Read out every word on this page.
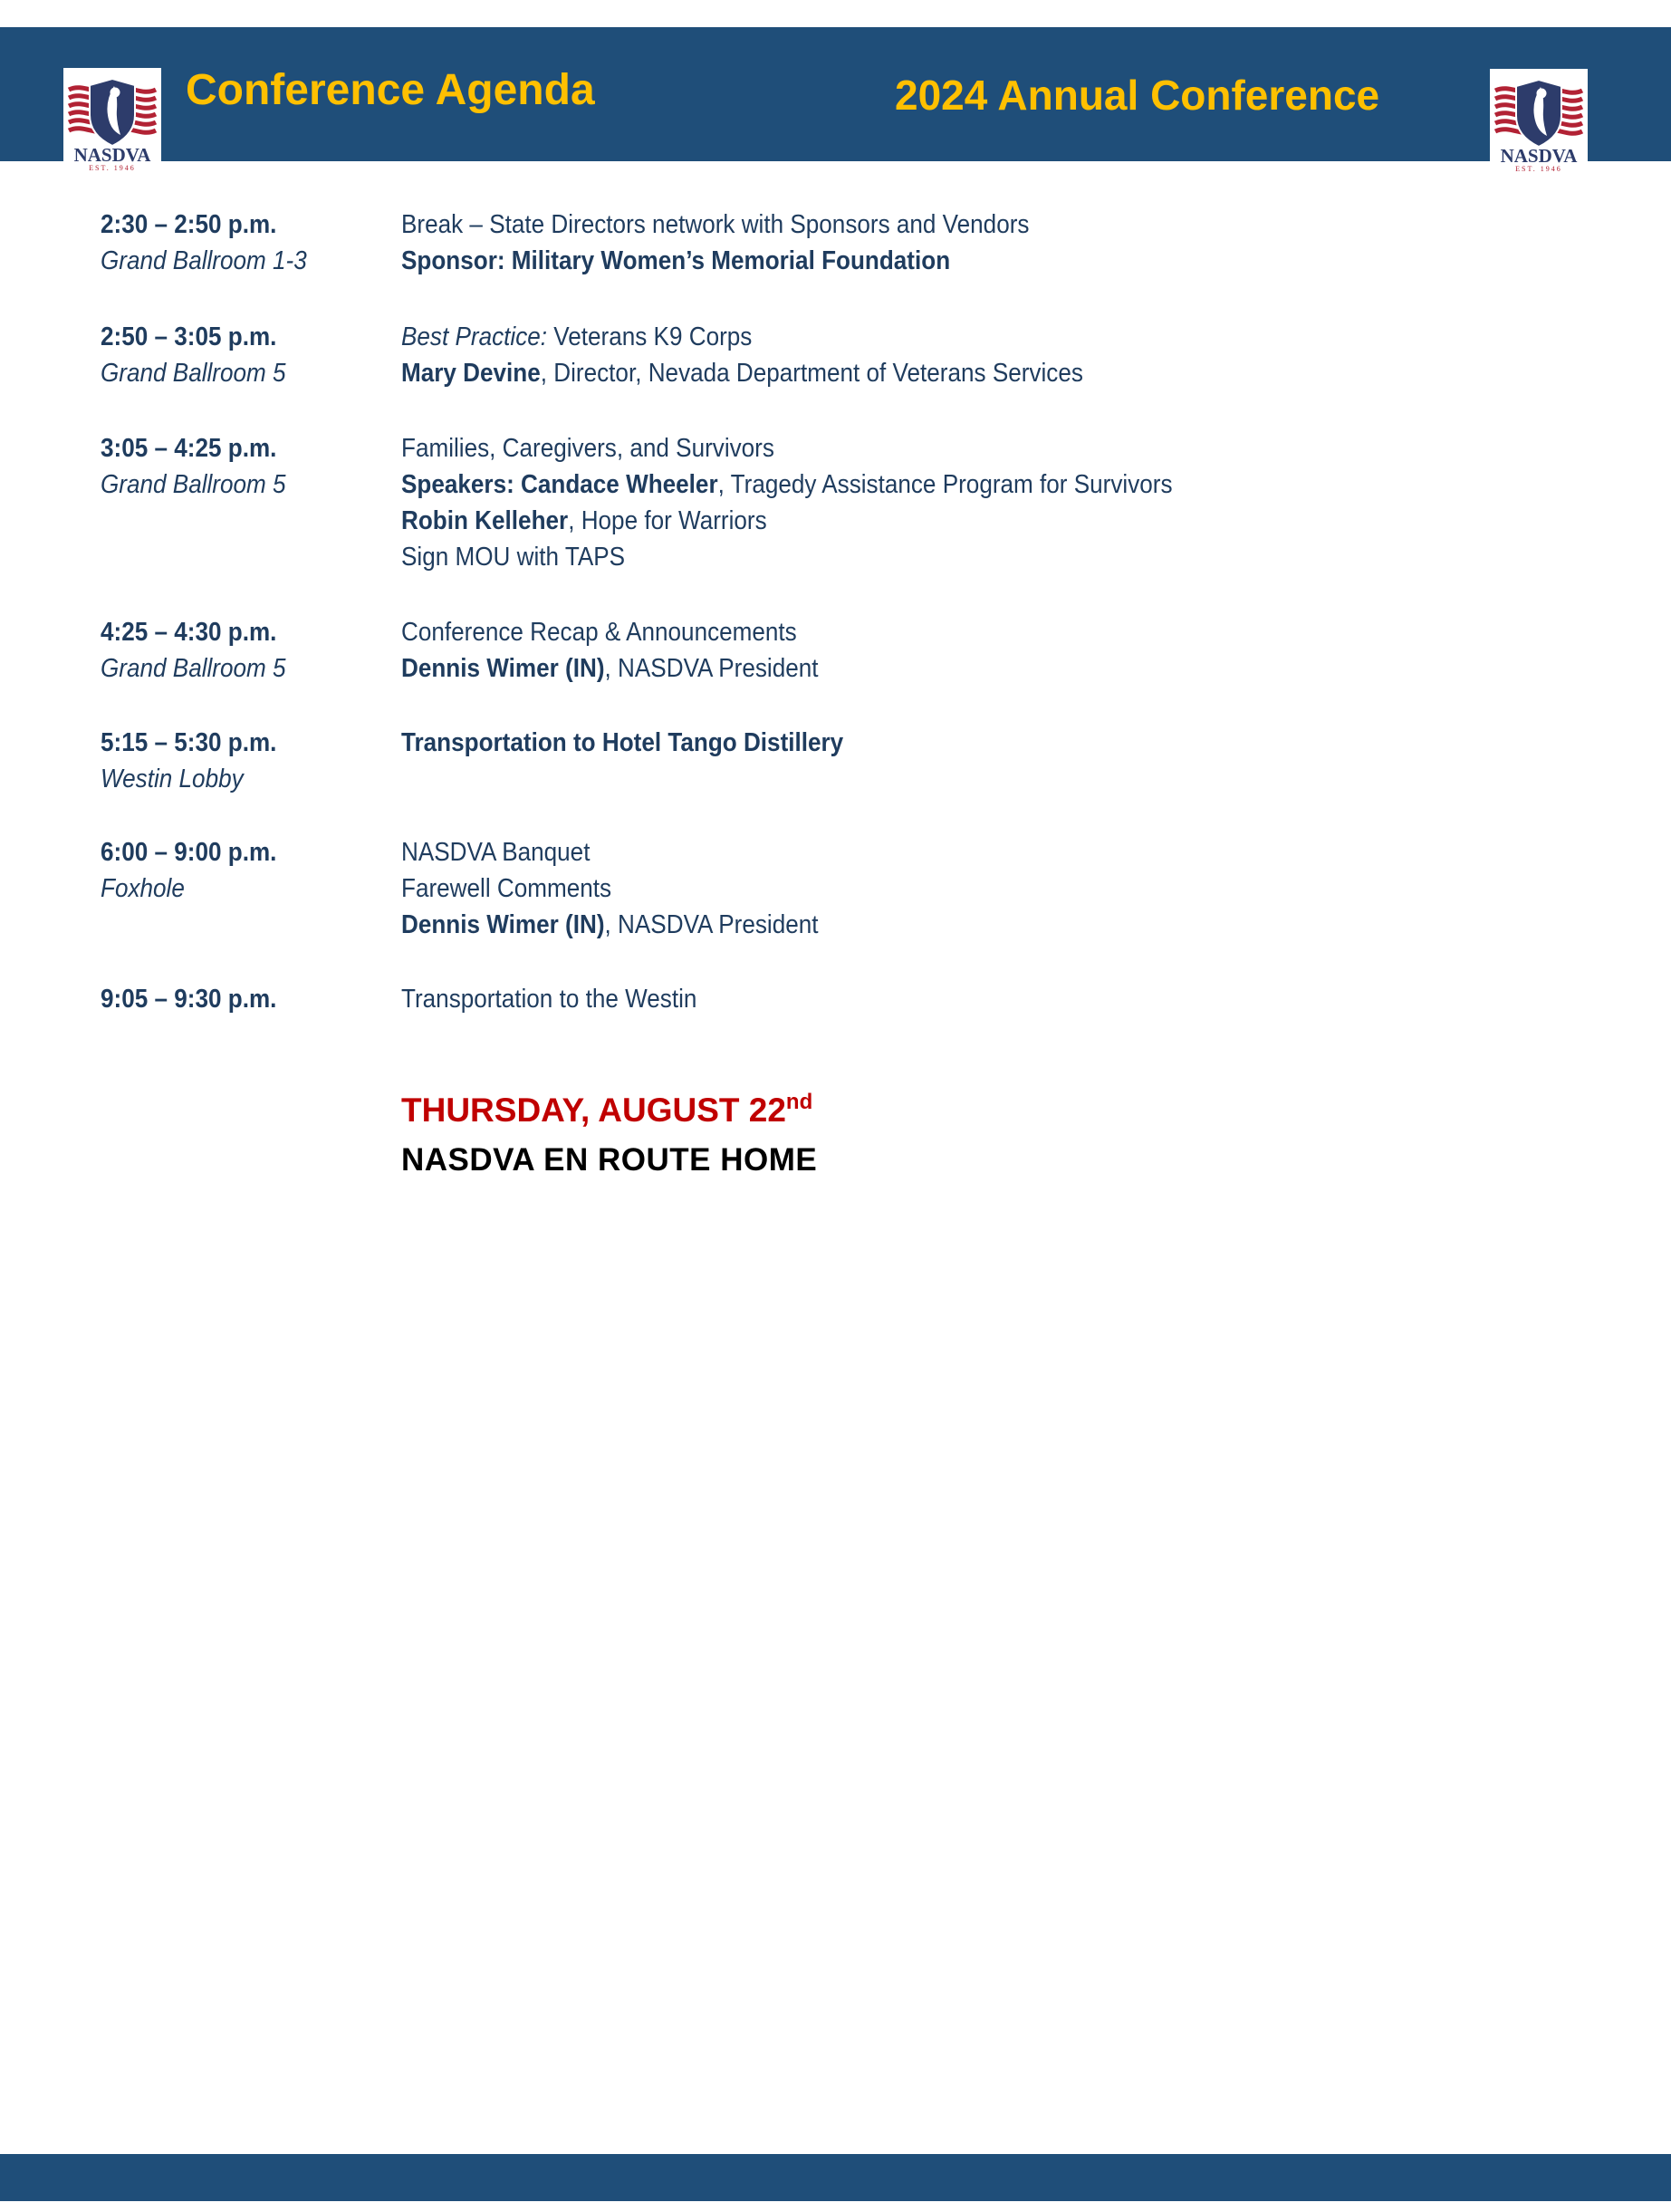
NASDVA
EST. 1946
NASDVA
EST. 1946
Conference Agenda	2024 Annual Conference
2:30 – 2:50 p.m.
Grand Ballroom 1-3
Break – State Directors network with Sponsors and Vendors
Sponsor: Military Women’s Memorial Foundation
2:50 – 3:05 p.m.
Grand Ballroom 5
Best Practice: Veterans K9 Corps
Mary Devine, Director, Nevada Department of Veterans Services
3:05 – 4:25 p.m.
Grand Ballroom 5
Families, Caregivers, and Survivors
Speakers: Candace Wheeler, Tragedy Assistance Program for Survivors
Robin Kelleher, Hope for Warriors
Sign MOU with TAPS
4:25 – 4:30 p.m.
Grand Ballroom 5
Conference Recap & Announcements
Dennis Wimer (IN), NASDVA President
5:15 – 5:30 p.m.
Westin Lobby
Transportation to Hotel Tango Distillery
6:00 – 9:00 p.m.
Foxhole
NASDVA Banquet
Farewell Comments
Dennis Wimer (IN), NASDVA President
9:05 – 9:30 p.m.	Transportation to the Westin
THURSDAY, AUGUST 22nd
NASDVA EN ROUTE HOME
